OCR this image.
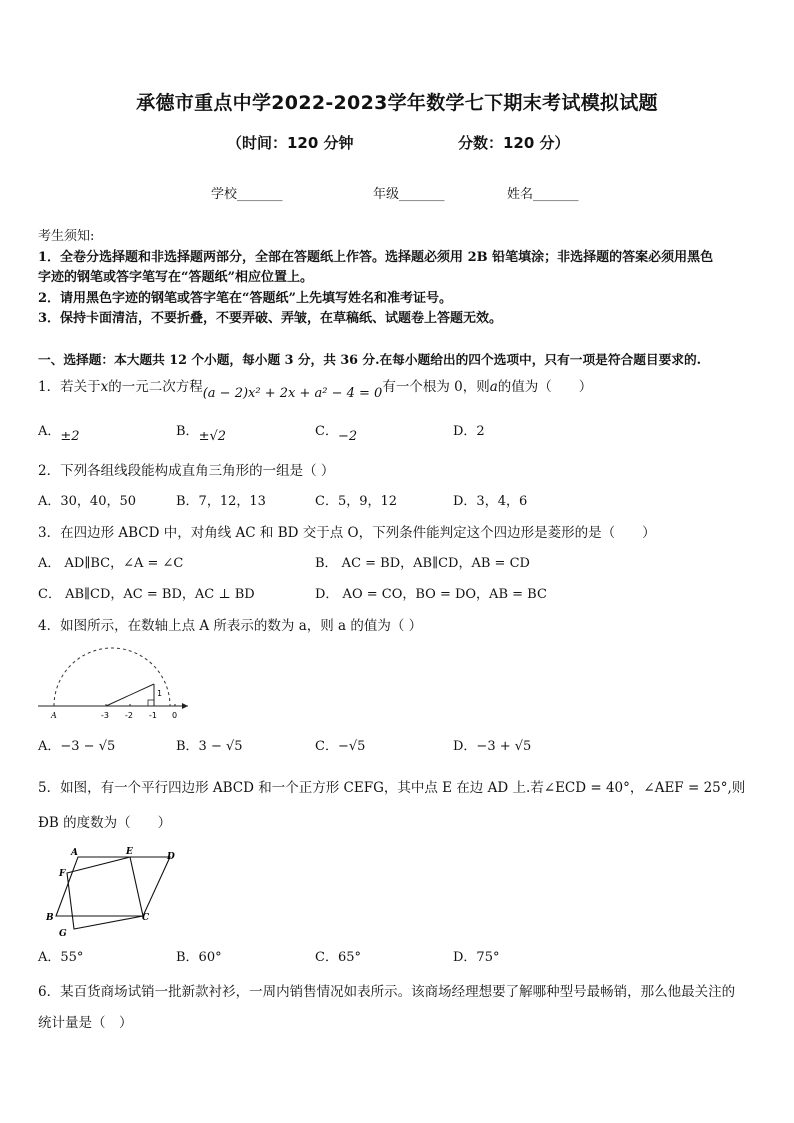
承德市重点中学2022-2023学年数学七下期末考试模拟试题
（时间：120 分钟	分数：120 分）
学校_______	年级_______	姓名_______
考生须知:
1．全卷分选择题和非选择题两部分，全部在答题纸上作答。选择题必须用 2B 铅笔填涂；非选择题的答案必须用黑色
字迹的钢笔或答字笔写在“答题纸”相应位置上。
2．请用黑色字迹的钢笔或答字笔在“答题纸”上先填写姓名和准考证号。
3．保持卡面清洁，不要折叠，不要弄破、弄皱，在草稿纸、试题卷上答题无效。
一、选择题：本大题共 12 个小题，每小题 3 分，共 36 分.在每小题给出的四个选项中，只有一项是符合题目要求的.
1．若关于x的一元二次方程(a − 2)x² + 2x + a² − 4 = 0有一个根为 0，则a的值为（　　）
A．±2	B．±√2	C．−2	D．2
2．下列各组线段能构成直角三角形的一组是（ ）
A．30，40，50	B．7，12，13	C．5，9，12	D．3，4，6
3．在四边形 ABCD 中，对角线 AC 和 BD 交于点 O，下列条件能判定这个四边形是菱形的是（　　）
A． AD∥BC，∠A = ∠C	B． AC = BD，AB∥CD，AB = CD
C． AB∥CD，AC = BD，AC ⊥ BD	D． AO = CO，BO = DO，AB = BC
4．如图所示，在数轴上点 A 所表示的数为 a，则 a 的值为（ ）
A	-3 -2 -1 0
1
A．−3 − √5	B．3 − √5	C．−√5	D．−3 + √5
5．如图，有一个平行四边形 ABCD 和一个正方形 CEFG，其中点 E 在边 AD 上.若∠ECD = 40°，∠AEF = 25°,则
ÐB 的度数为（　　）
A	E	D
F
B	C
G
A．55°	B．60°	C．65°	D．75°
6．某百货商场试销一批新款衬衫，一周内销售情况如表所示。该商场经理想要了解哪种型号最畅销，那么他最关注的
统计量是（　）
